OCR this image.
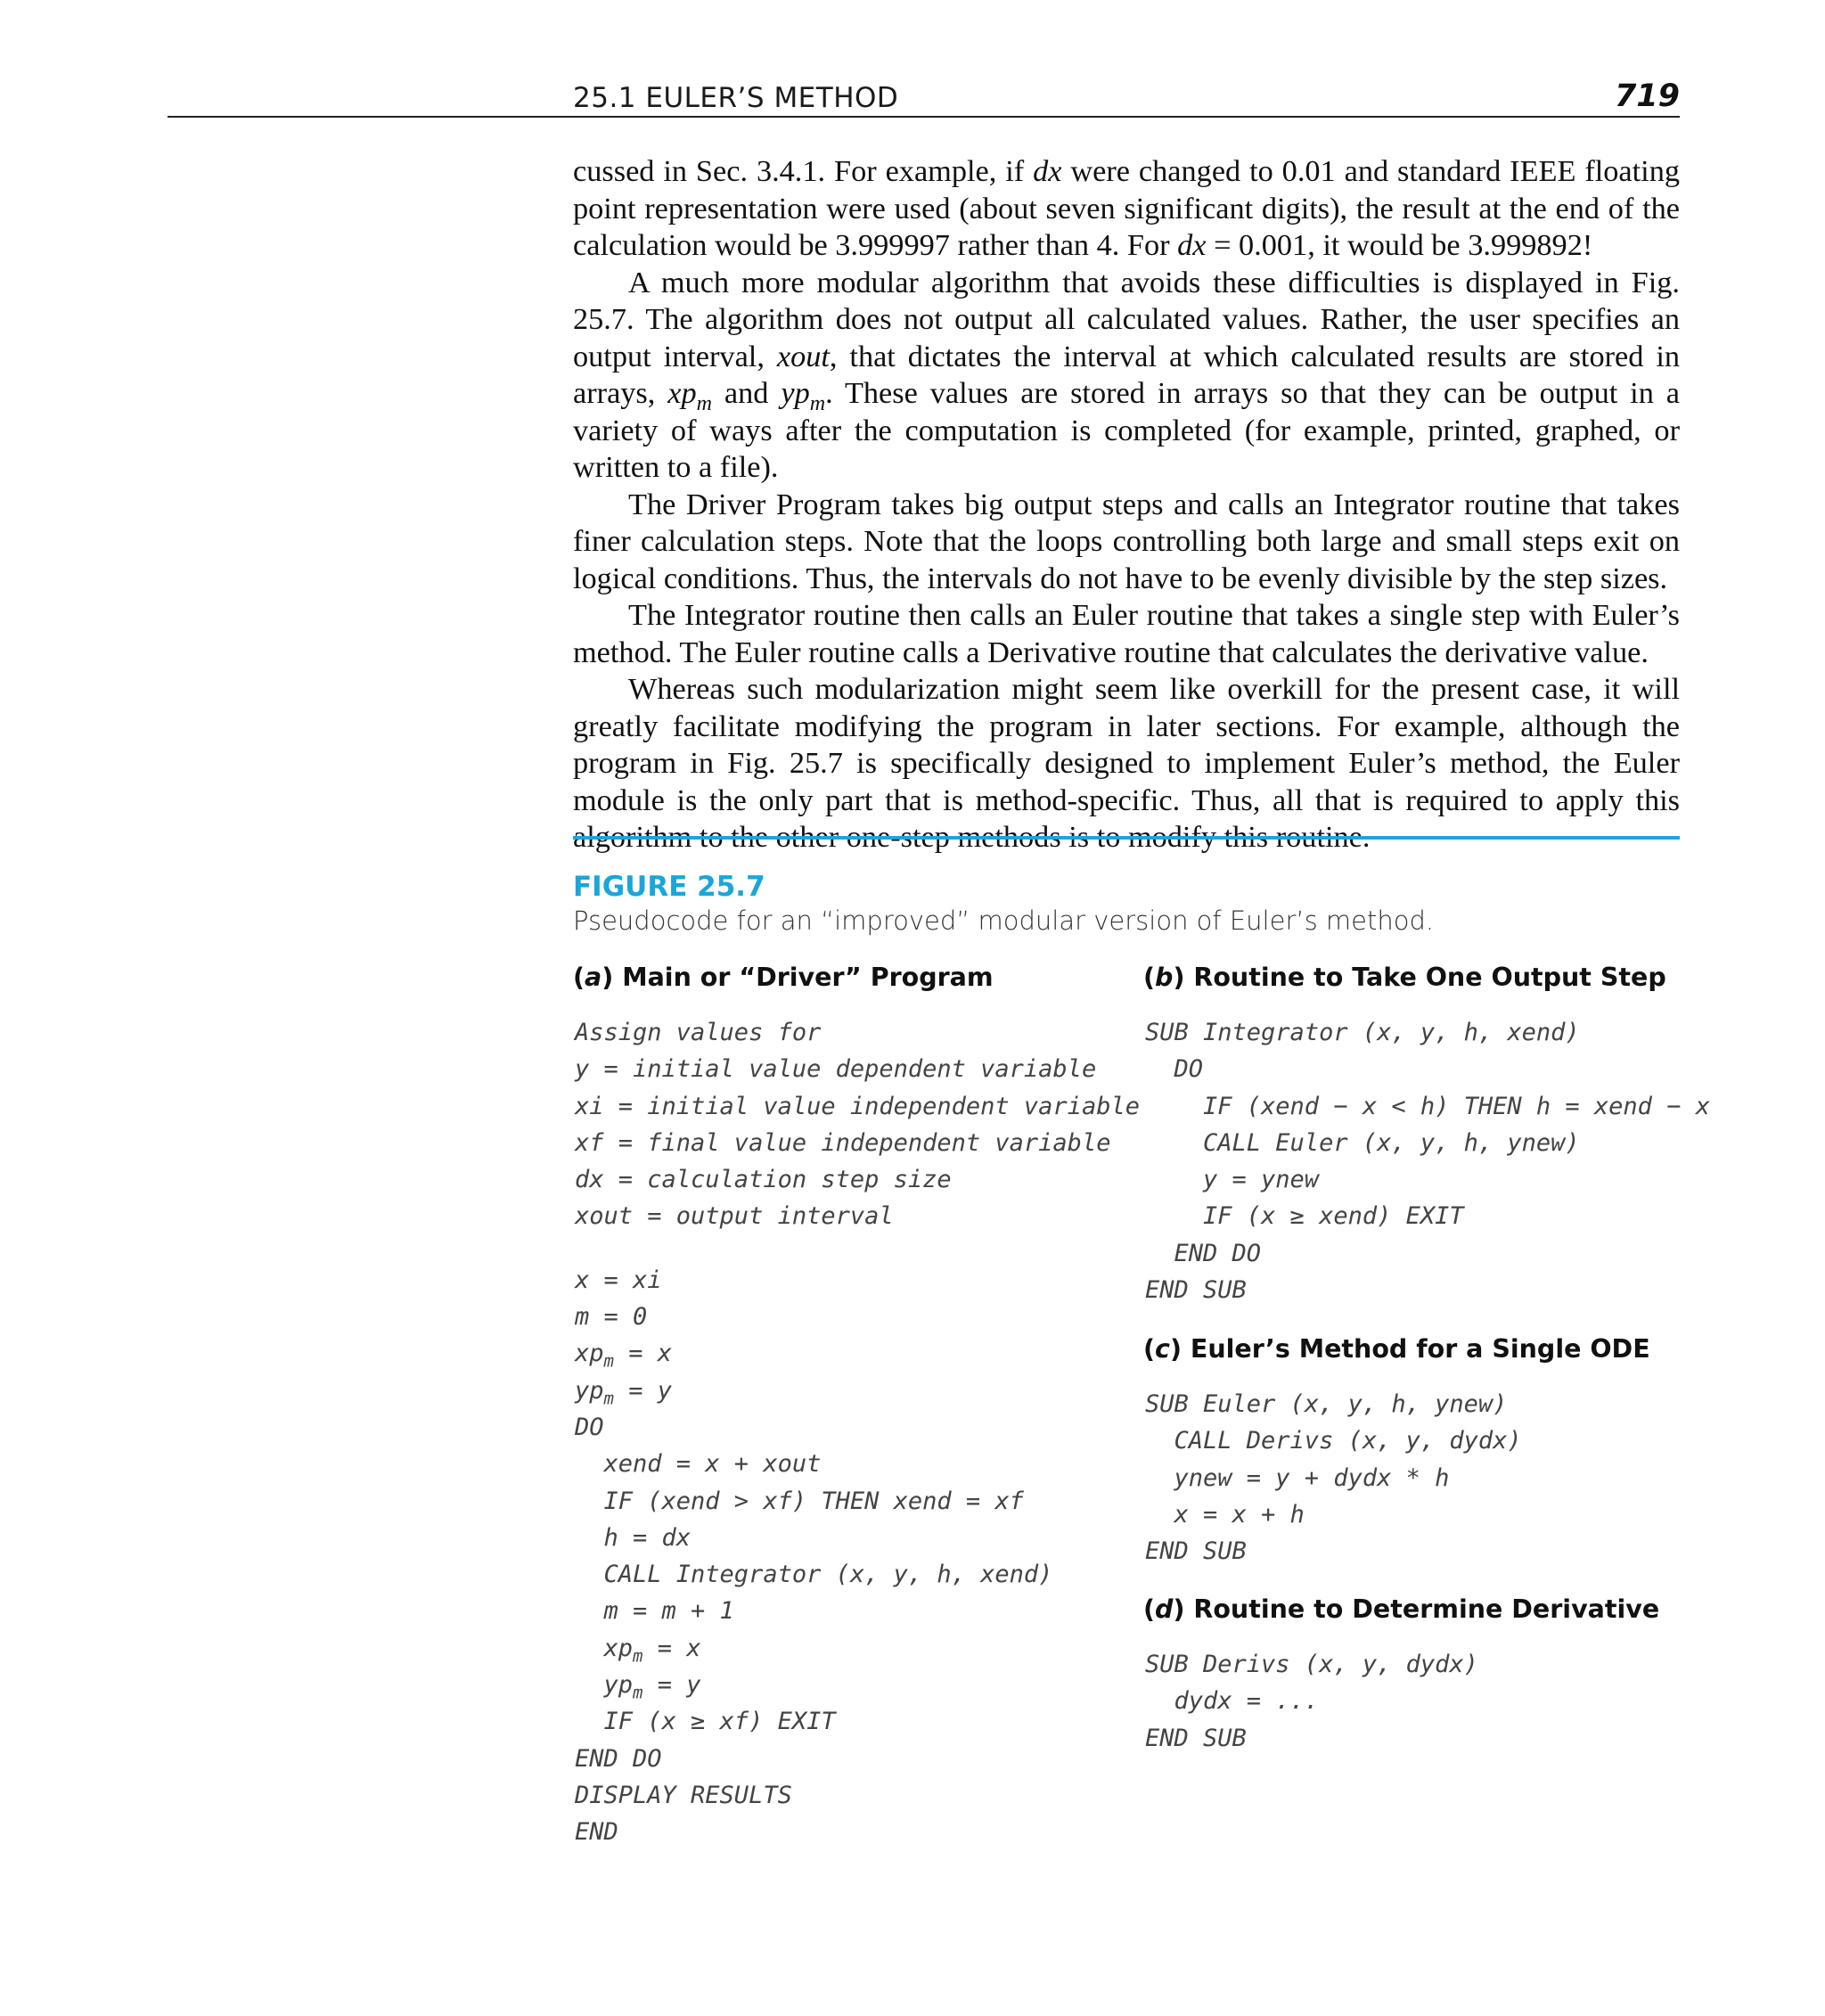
25.1 EULER’S METHOD	719

cussed in Sec. 3.4.1. For example, if dx were changed to 0.01 and standard IEEE floating point representation were used (about seven significant digits), the result at the end of the calculation would be 3.999997 rather than 4. For dx = 0.001, it would be 3.999892!

A much more modular algorithm that avoids these difficulties is displayed in Fig. 25.7. The algorithm does not output all calculated values. Rather, the user specifies an output interval, xout, that dictates the interval at which calculated results are stored in arrays, $xp_m$ and $yp_m$. These values are stored in arrays so that they can be output in a variety of ways after the computation is completed (for example, printed, graphed, or written to a file).

The Driver Program takes big output steps and calls an Integrator routine that takes finer calculation steps. Note that the loops controlling both large and small steps exit on logical conditions. Thus, the intervals do not have to be evenly divisible by the step sizes.

The Integrator routine then calls an Euler routine that takes a single step with Euler’s method. The Euler routine calls a Derivative routine that calculates the derivative value.

Whereas such modularization might seem like overkill for the present case, it will greatly facilitate modifying the program in later sections. For example, although the program in Fig. 25.7 is specifically designed to implement Euler’s method, the Euler module is the only part that is method-specific. Thus, all that is required to apply this algorithm to the other one-step methods is to modify this routine.

FIGURE 25.7
Pseudocode for an “improved” modular version of Euler’s method.
(a) Main or “Driver” Program
Assign values for
y = initial value dependent variable
xi = initial value independent variable
xf = final value independent variable
dx = calculation step size
xout = output interval
x = xi
m = 0
$xp_m = x$
$yp_m = y$
DO
xend = x + xout
IF (xend > xf) THEN xend = xf
h = dx
CALL Integrator (x, y, h, xend)
m = m + 1
$xp_m = x$
$yp_m = y$
IF (x ≥ xf) EXIT
END DO
DISPLAY RESULTS
END
(b) Routine to Take One Output Step
SUB Integrator (x, y, h, xend)
DO
IF (xend − x < h) THEN h = xend − x
CALL Euler (x, y, h, ynew)
y = ynew
IF (x ≥ xend) EXIT
END DO
END SUB
(c) Euler’s Method for a Single ODE
SUB Euler (x, y, h, ynew)
CALL Derivs (x, y, dydx)
ynew = y + dydx * h
x = x + h
END SUB
(d) Routine to Determine Derivative
SUB Derivs (x, y, dydx)
dydx = ...
END SUB
